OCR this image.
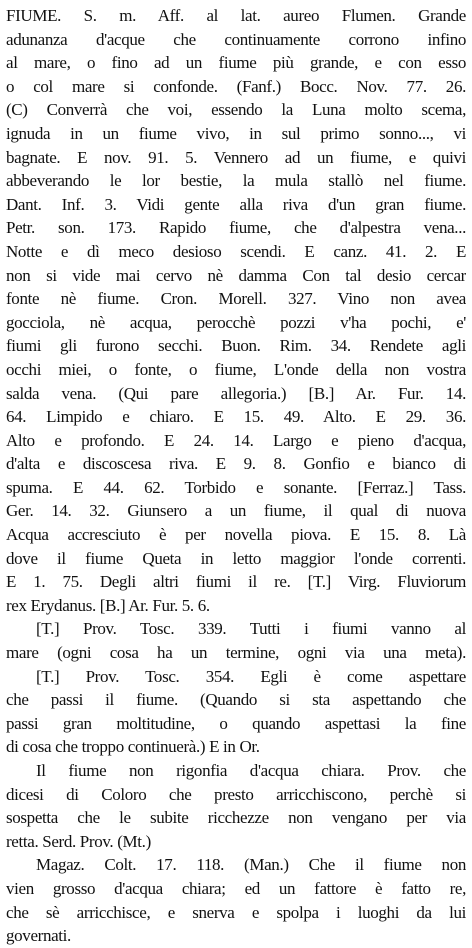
FIUME. S. m. Aff. al lat. aureo Flumen. Grande
adunanza d'acque che continuamente corrono infino
al mare, o fino ad un fiume più grande, e con esso
o col mare si confonde. (Fanf.) Bocc. Nov. 77. 26.
(C) Converrà che voi, essendo la Luna molto scema,
ignuda in un fiume vivo, in sul primo sonno..., vi
bagnate. E nov. 91. 5. Vennero ad un fiume, e quivi
abbeverando le lor bestie, la mula stallò nel fiume.
Dant. Inf. 3. Vidi gente alla riva d'un gran fiume.
Petr. son. 173. Rapido fiume, che d'alpestra vena...
Notte e dì meco desioso scendi. E canz. 41. 2. E
non si vide mai cervo nè damma Con tal desio cercar
fonte nè fiume. Cron. Morell. 327. Vino non avea
gocciola, nè acqua, perocchè pozzi v'ha pochi, e'
fiumi gli furono secchi. Buon. Rim. 34. Rendete agli
occhi miei, o fonte, o fiume, L'onde della non vostra
salda vena. (Qui pare allegoria.) [B.] Ar. Fur. 14.
64. Limpido e chiaro. E 15. 49. Alto. E 29. 36.
Alto e profondo. E 24. 14. Largo e pieno d'acqua,
d'alta e discoscesa riva. E 9. 8. Gonfio e bianco di
spuma. E 44. 62. Torbido e sonante. [Ferraz.] Tass.
Ger. 14. 32. Giunsero a un fiume, il qual di nuova
Acqua accresciuto è per novella piova. E 15. 8. Là
dove il fiume Queta in letto maggior l'onde correnti.
E 1. 75. Degli altri fiumi il re. [T.] Virg. Fluviorum
rex Erydanus. [B.] Ar. Fur. 5. 6.
[T.] Prov. Tosc. 339. Tutti i fiumi vanno al
mare (ogni cosa ha un termine, ogni via una meta).
[T.] Prov. Tosc. 354. Egli è come aspettare
che passi il fiume. (Quando si sta aspettando che
passi gran moltitudine, o quando aspettasi la fine
di cosa che troppo continuerà.) E in Or.
Il fiume non rigonfia d'acqua chiara. Prov. che
dicesi di Coloro che presto arricchiscono, perchè si
sospetta che le subite ricchezze non vengano per via
retta. Serd. Prov. (Mt.)
Magaz. Colt. 17. 118. (Man.) Che il fiume non
vien grosso d'acqua chiara; ed un fattore è fatto re,
che sè arricchisce, e snerva e spolpa i luoghi da lui
governati.
